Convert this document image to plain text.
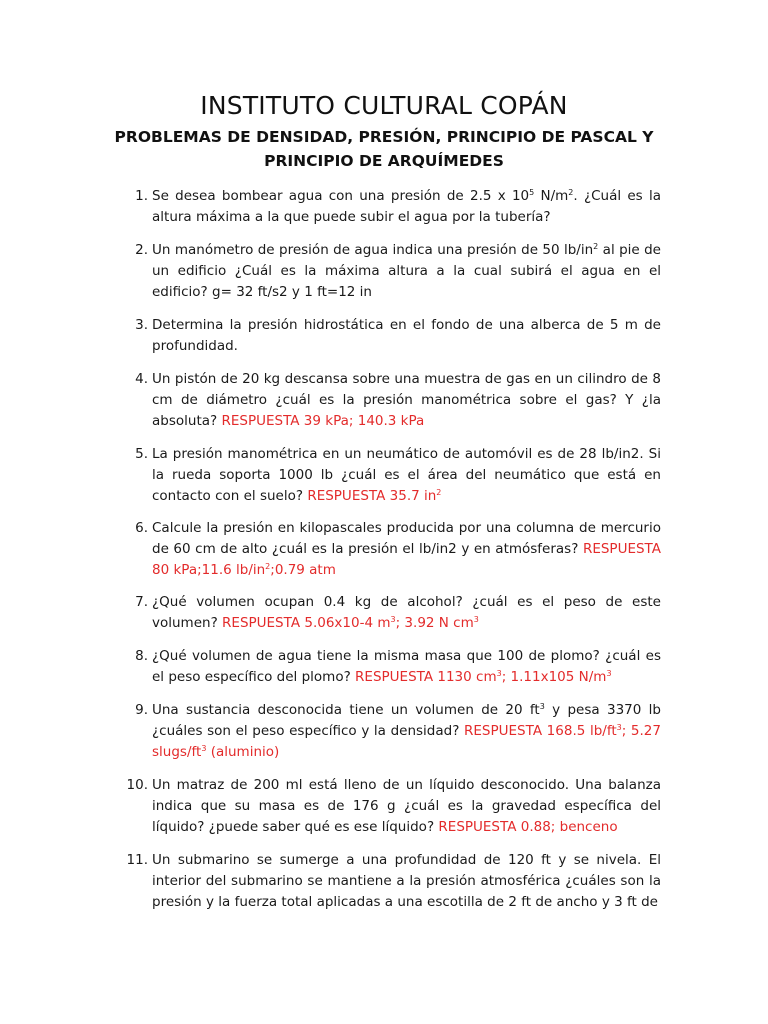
INSTITUTO CULTURAL COPÁN
PROBLEMAS DE DENSIDAD, PRESIÓN, PRINCIPIO DE PASCAL Y PRINCIPIO DE ARQUÍMEDES
1. Se desea bombear agua con una presión de 2.5 x $10^5$ $N/m^2$. ¿Cuál es la altura máxima a la que puede subir el agua por la tubería?
2. Un manómetro de presión de agua indica una presión de 50 $lb/in^2$ al pie de un edificio ¿Cuál es la máxima altura a la cual subirá el agua en el edificio? g= 32 ft/s2 y 1 ft=12 in
3. Determina la presión hidrostática en el fondo de una alberca de 5 m de profundidad.
4. Un pistón de 20 kg descansa sobre una muestra de gas en un cilindro de 8 cm de diámetro ¿cuál es la presión manométrica sobre el gas? Y ¿la absoluta? RESPUESTA 39 kPa; 140.3 kPa
5. La presión manométrica en un neumático de automóvil es de 28 lb/in2. Si la rueda soporta 1000 lb ¿cuál es el área del neumático que está en contacto con el suelo? RESPUESTA 35.7 $in^2$
6. Calcule la presión en kilopascales producida por una columna de mercurio de 60 cm de alto ¿cuál es la presión el lb/in2 y en atmósferas? RESPUESTA 80 kPa;11.6 $lb/in^2;0.79$ atm
7. ¿Qué volumen ocupan 0.4 kg de alcohol? ¿cuál es el peso de este volumen? RESPUESTA 5.06x10-4 $m^3$; 3.92 N $cm^3$
8. ¿Qué volumen de agua tiene la misma masa que 100 de plomo? ¿cuál es el peso específico del plomo? RESPUESTA 1130 $cm^3$; 1.11x105 $N/m^3$
9. Una sustancia desconocida tiene un volumen de 20 $ft^3$ y pesa 3370 lb ¿cuáles son el peso específico y la densidad? RESPUESTA 168.5 $lb/ft^3$; 5.27 slugs/$ft^3$ (aluminio)
10. Un matraz de 200 ml está lleno de un líquido desconocido. Una balanza indica que su masa es de 176 g ¿cuál es la gravedad específica del líquido? ¿puede saber qué es ese líquido? RESPUESTA 0.88; benceno
11. Un submarino se sumerge a una profundidad de 120 ft y se nivela. El interior del submarino se mantiene a la presión atmosférica ¿cuáles son la presión y la fuerza total aplicadas a una escotilla de 2 ft de ancho y 3 ft de
